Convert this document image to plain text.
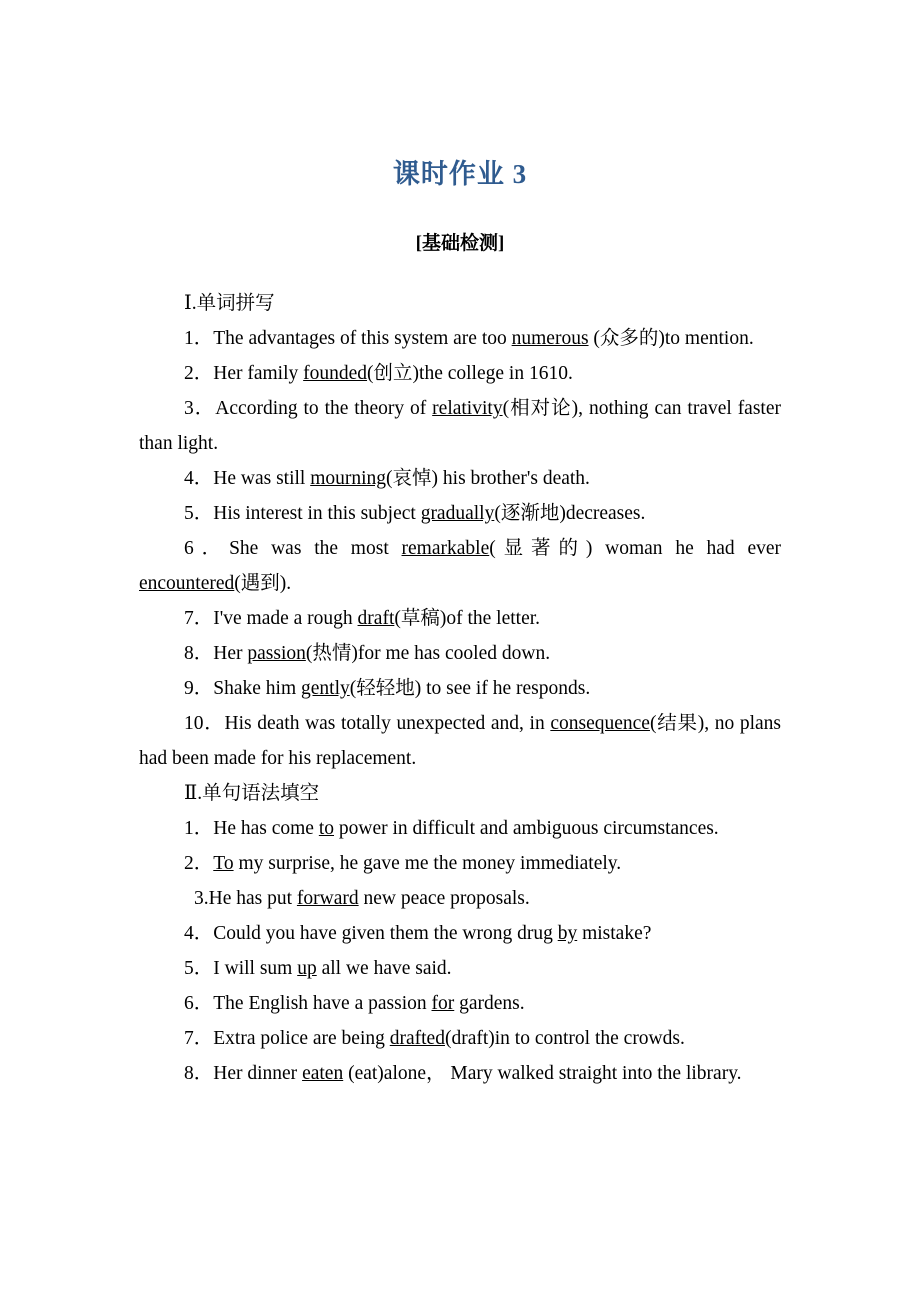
课时作业 3
[基础检测]

Ⅰ.单词拼写

1．The advantages of this system are too numerous (众多的)to mention.

2．Her family founded(创立)the college in 1610.

3．According to the theory of relativity(相对论), nothing can travel faster than light.

4．He was still mourning(哀悼) his brother's death.

5．His interest in this subject gradually(逐渐地)decreases.

6．She was the most remarkable(显著的) woman he had ever encountered(遇到).

7．I've made a rough draft(草稿)of the letter.

8．Her passion(热情)for me has cooled down.

9．Shake him gently(轻轻地) to see if he responds.

10．His death was totally unexpected and, in consequence(结果), no plans had been made for his replacement.

Ⅱ.单句语法填空

1．He has come to power in difficult and ambiguous circumstances.

2．To my surprise, he gave me the money immediately.

3.He has put forward new peace proposals.

4．Could you have given them the wrong drug by mistake?

5．I will sum up all we have said.

6．The English have a passion for gardens.

7．Extra police are being drafted(draft)in to control the crowds.

8．Her dinner eaten (eat)alone， Mary walked straight into the library.
